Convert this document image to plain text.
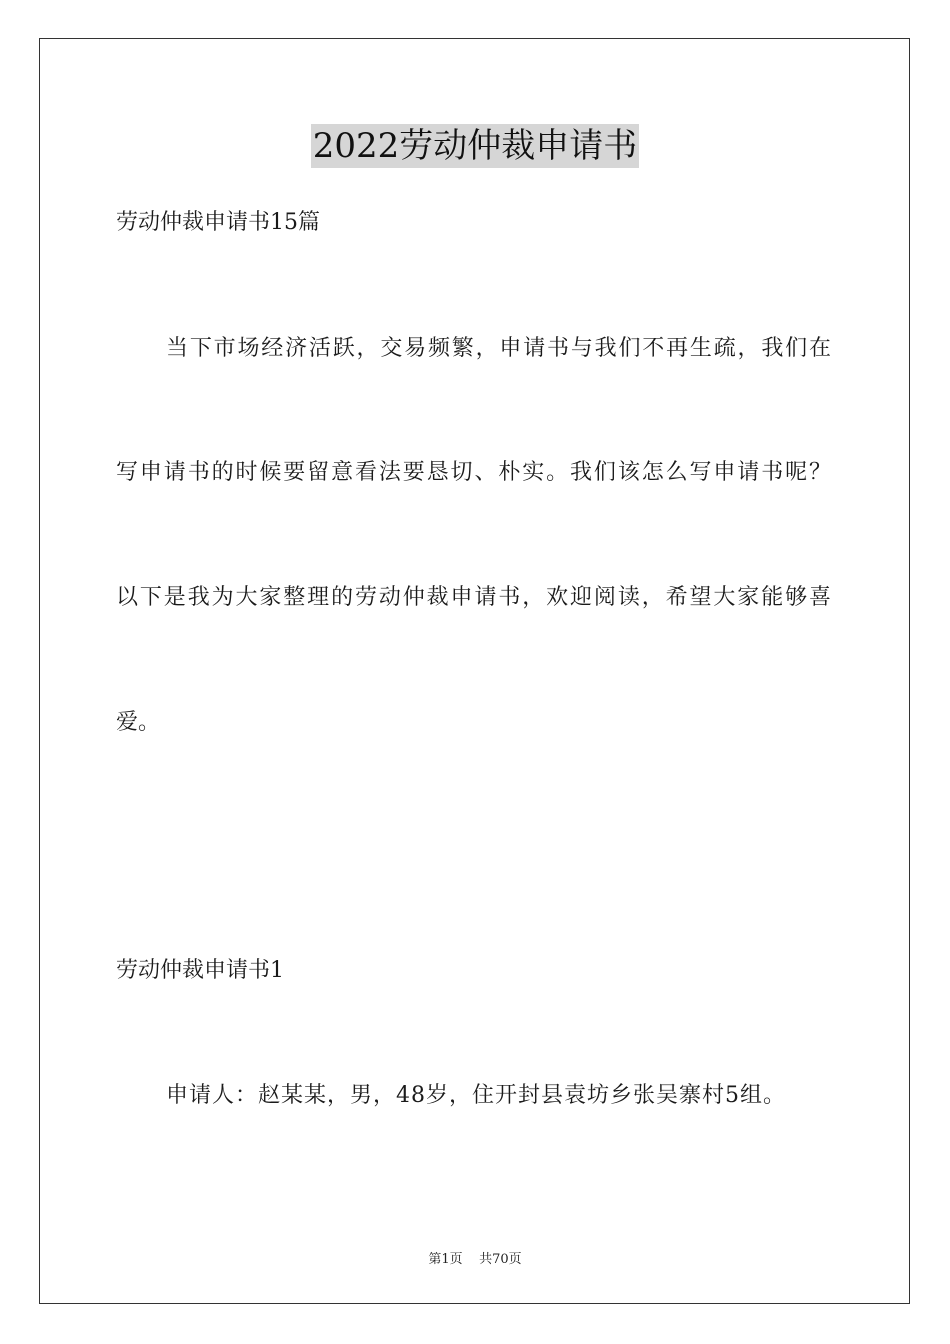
2022劳动仲裁申请书
劳动仲裁申请书15篇
当下市场经济活跃，交易频繁，申请书与我们不再生疏，我们在
写申请书的时候要留意看法要恳切、朴实。我们该怎么写申请书呢？
以下是我为大家整理的劳动仲裁申请书，欢迎阅读，希望大家能够喜
爱。
劳动仲裁申请书1
申请人：赵某某，男，48岁，住开封县袁坊乡张吴寨村5组。
第1页    共70页
